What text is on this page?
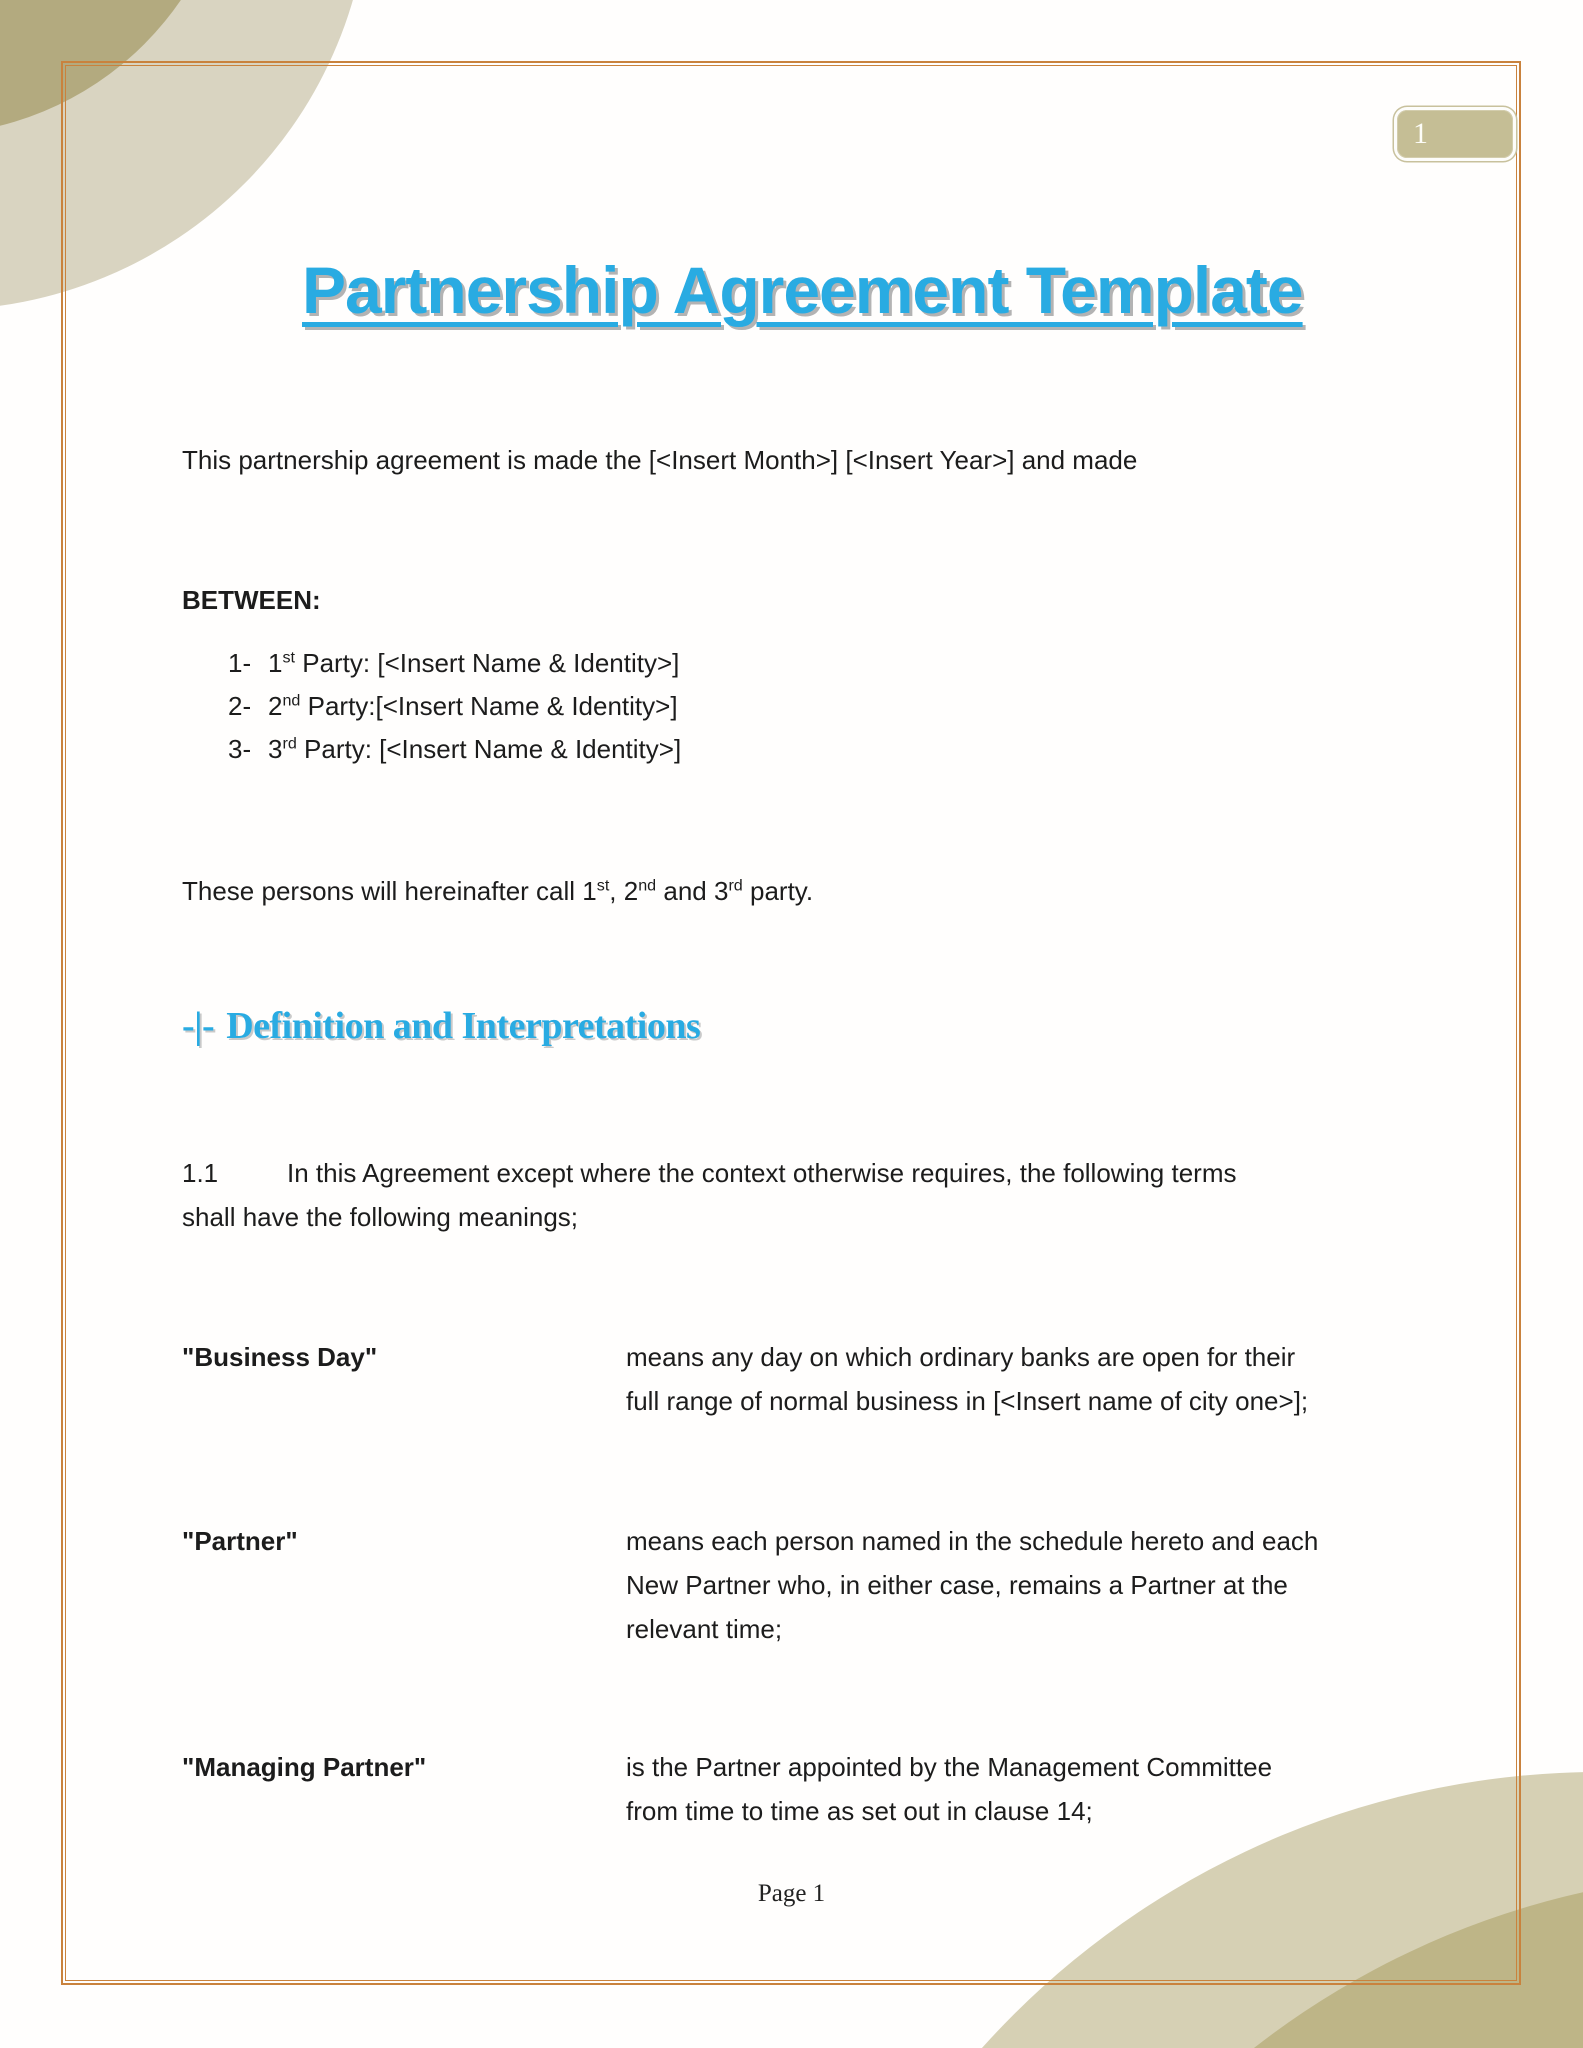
1
Partnership Agreement Template

This partnership agreement is made the [<Insert Month>] [<Insert Year>] and made

BETWEEN:

1- 1st Party: [<Insert Name & Identity>]
2- 2nd Party:[<Insert Name & Identity>]
3- 3rd Party: [<Insert Name & Identity>]

These persons will hereinafter call 1st, 2nd and 3rd party.

-|- Definition and Interpretations
1.1	In this Agreement except where the context otherwise requires, the following terms
shall have the following meanings;
"Business Day"	means any day on which ordinary banks are open for their
full range of normal business in [<Insert name of city one>];
"Partner"	means each person named in the schedule hereto and each
New Partner who, in either case, remains a Partner at the
relevant time;
"Managing Partner"	is the Partner appointed by the Management Committee
from time to time as set out in clause 14;
Page 1
